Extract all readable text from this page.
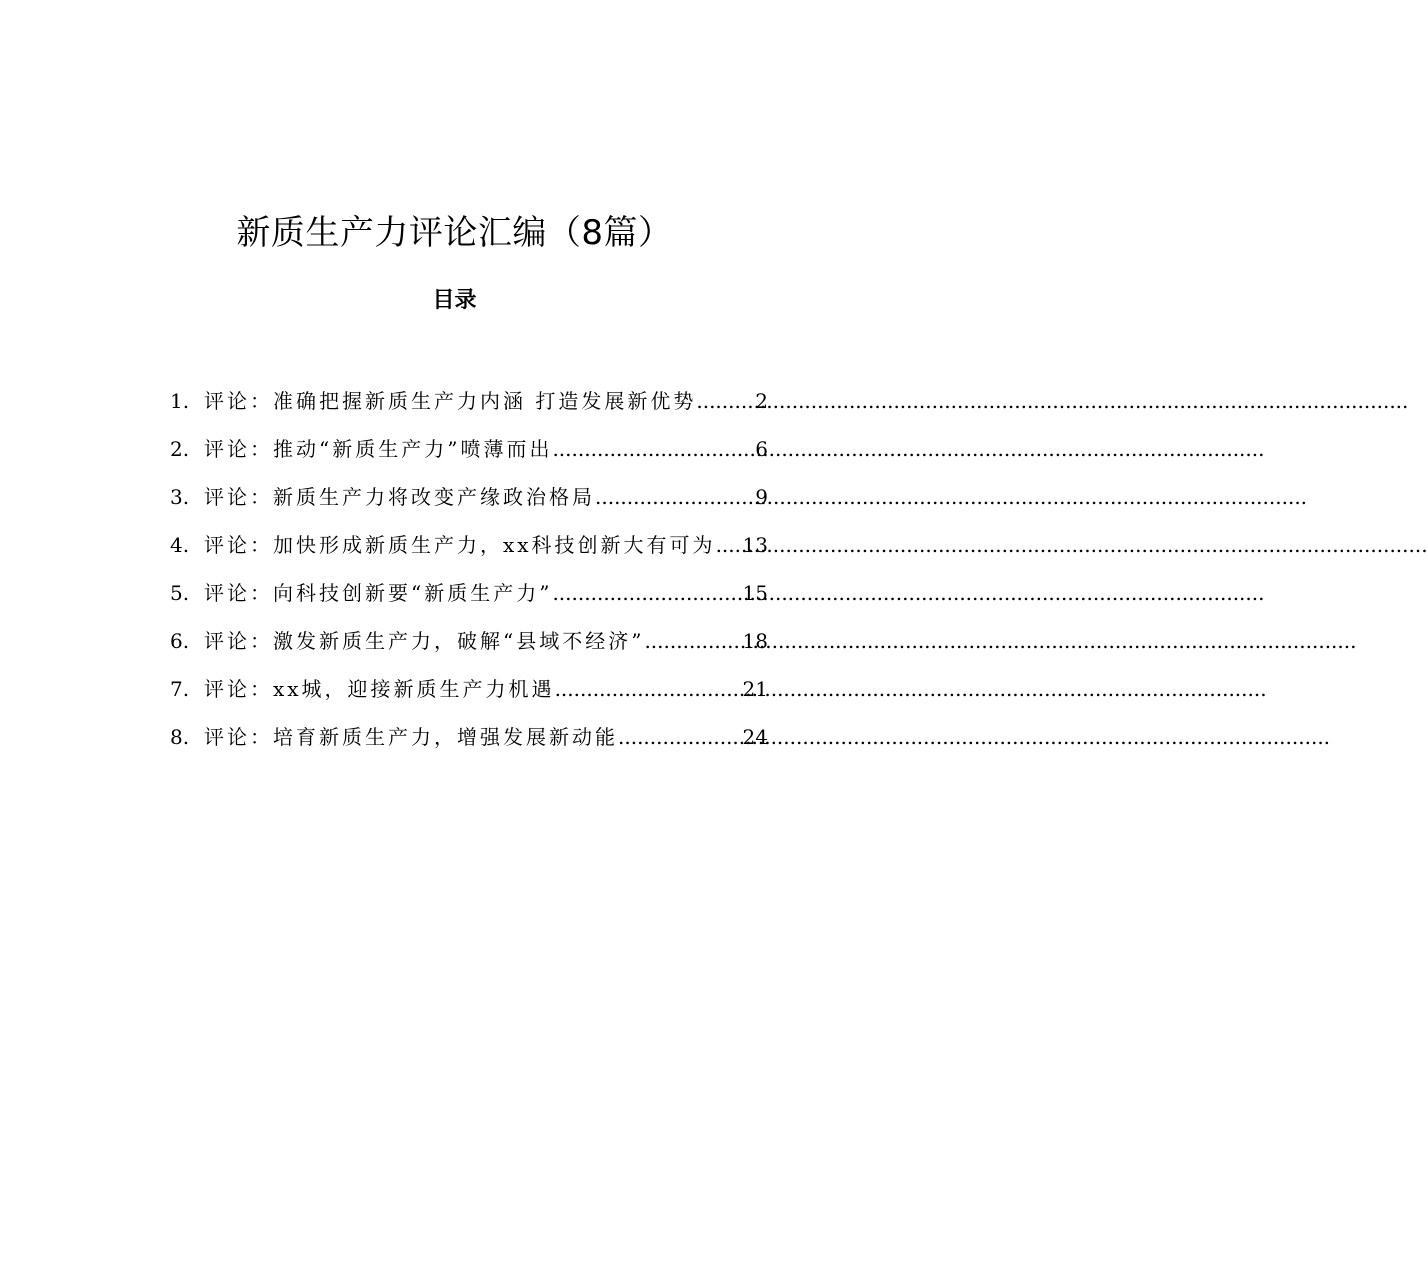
新质生产力评论汇编（8篇）
目录
1. 评论： 准确把握新质生产力内涵 打造发展新优势 .....	2
2. 评论： 推动“新质生产力”喷薄而出 .....	6
3. 评论： 新质生产力将改变产缘政治格局 .....	9
4. 评论： 加快形成新质生产力，xx科技创新大有可为 ..... 13
5. 评论： 向科技创新要“新质生产力” .....	15
6. 评论： 激发新质生产力，破解“县域不经济” .....	18
7. 评论： xx城，迎接新质生产力机遇 .....	21
8. 评论： 培育新质生产力，增强发展新动能 .....	24
